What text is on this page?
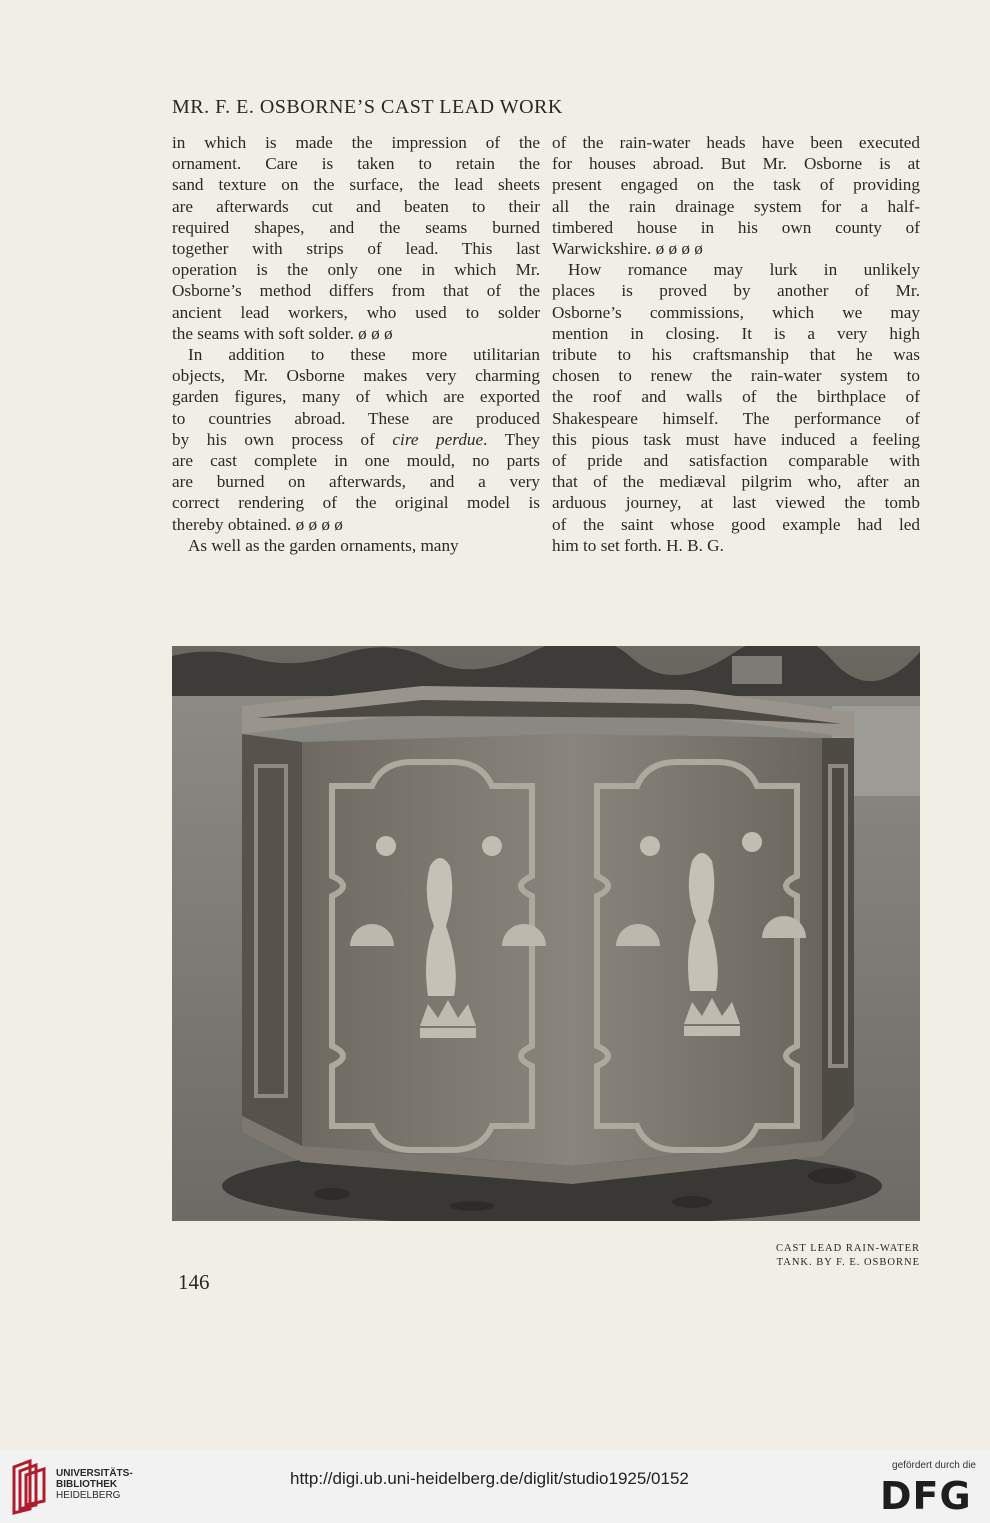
MR. F. E. OSBORNE’S CAST LEAD WORK
in which is made the impression of the
ornament. Care is taken to retain the
sand texture on the surface, the lead sheets
are afterwards cut and beaten to their
required shapes, and the seams burned
together with strips of lead. This last
operation is the only one in which Mr.
Osborne’s method differs from that of the
ancient lead workers, who used to solder
the seams with soft solder. ø ø ø
In addition to these more utilitarian
objects, Mr. Osborne makes very charming
garden figures, many of which are exported
to countries abroad. These are produced
by his own process of cire perdue. They
are cast complete in one mould, no parts
are burned on afterwards, and a very
correct rendering of the original model is
thereby obtained. ø ø ø ø
As well as the garden ornaments, many
of the rain-water heads have been executed
for houses abroad. But Mr. Osborne is at
present engaged on the task of providing
all the rain drainage system for a half-
timbered house in his own county of
Warwickshire. ø ø ø ø
How romance may lurk in unlikely
places is proved by another of Mr.
Osborne’s commissions, which we may
mention in closing. It is a very high
tribute to his craftsmanship that he was
chosen to renew the rain-water system to
the roof and walls of the birthplace of
Shakespeare himself. The performance of
this pious task must have induced a feeling
of pride and satisfaction comparable with
that of the mediæval pilgrim who, after an
arduous journey, at last viewed the tomb
of the saint whose good example had led
him to set forth. H. B. G.
CAST LEAD RAIN-WATER
TANK. BY F. E. OSBORNE
146
UNIVERSITÄTS-
BIBLIOTHEK
HEIDELBERG
http://digi.ub.uni-heidelberg.de/diglit/studio1925/0152
gefördert durch die
DFG
